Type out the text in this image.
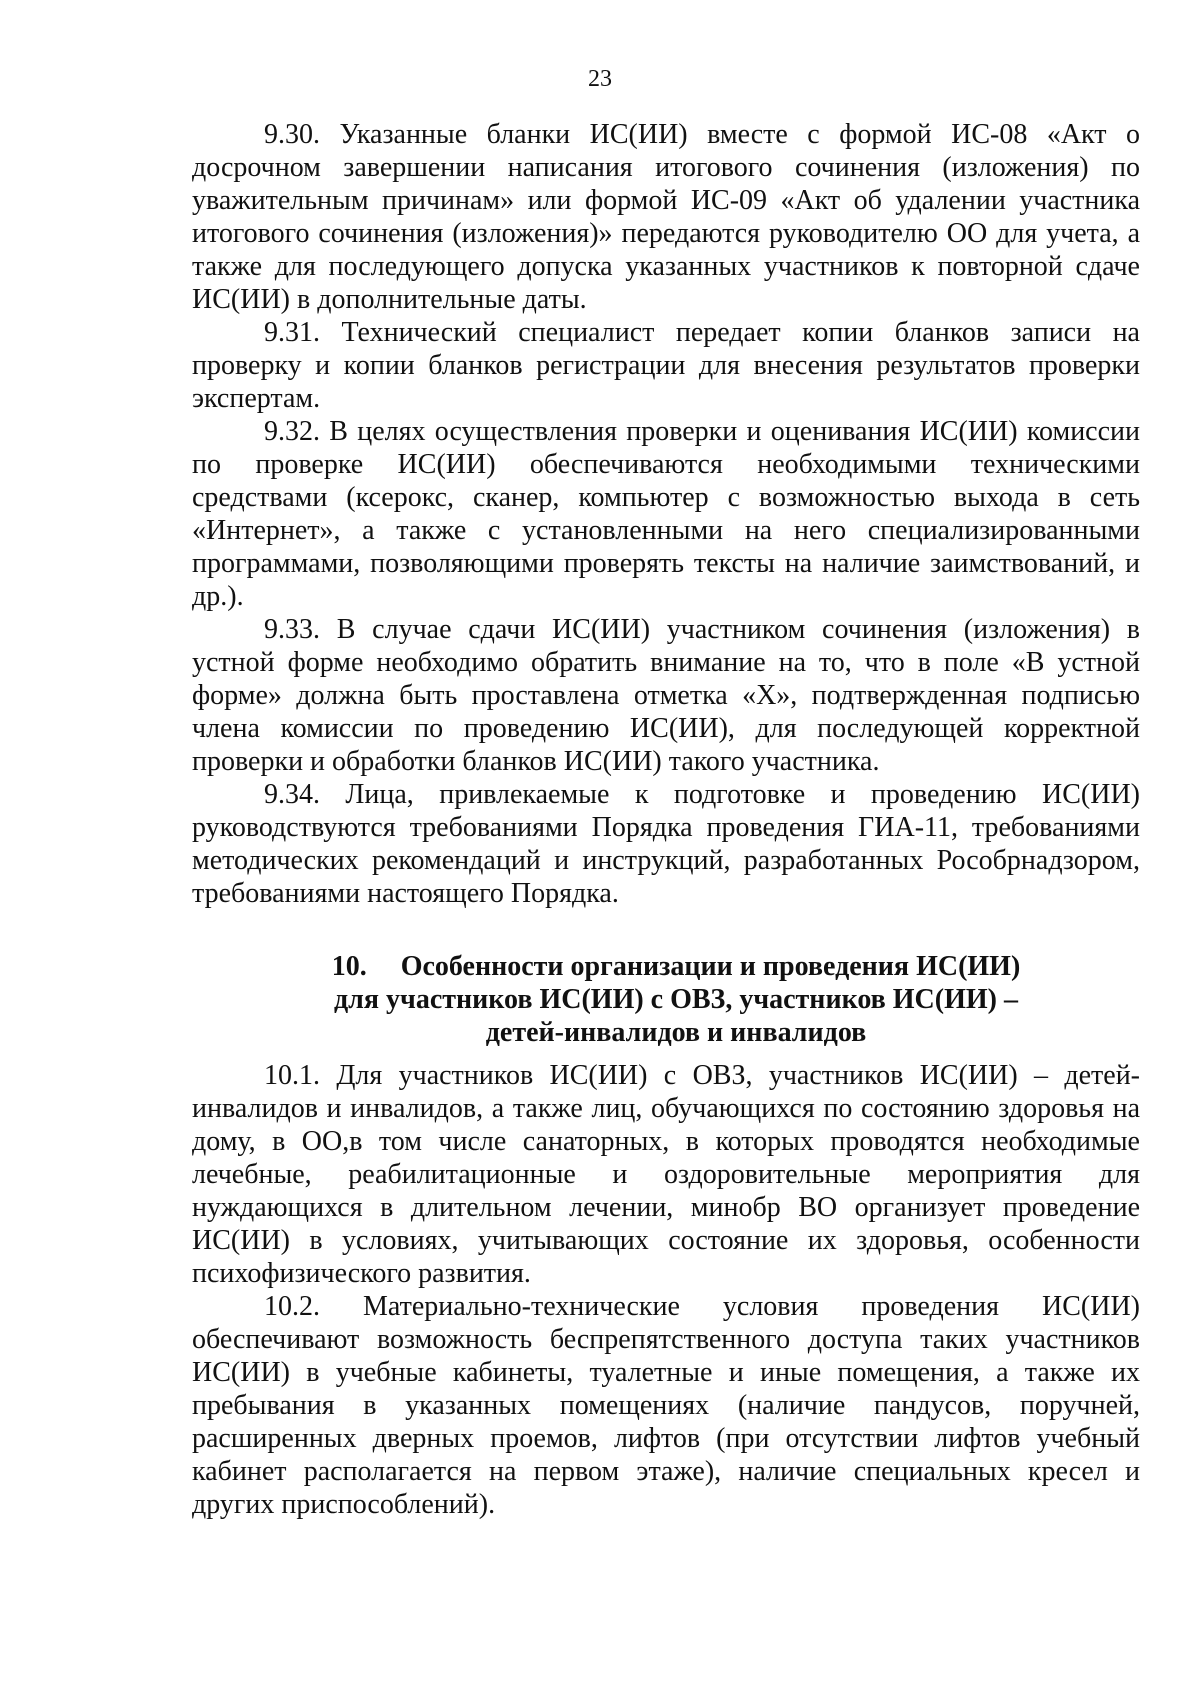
23

9.30. Указанные бланки ИС(ИИ) вместе с формой ИС-08 «Акт о досрочном завершении написания итогового сочинения (изложения) по уважительным причинам» или формой ИС-09 «Акт об удалении участника итогового сочинения (изложения)» передаются руководителю ОО для учета, а также для последующего допуска указанных участников к повторной сдаче ИС(ИИ) в дополнительные даты.

9.31. Технический специалист передает копии бланков записи на проверку и копии бланков регистрации для внесения результатов проверки экспертам.

9.32. В целях осуществления проверки и оценивания ИС(ИИ) комиссии по проверке ИС(ИИ) обеспечиваются необходимыми техническими средствами (ксерокс, сканер, компьютер с возможностью выхода в сеть «Интернет», а также с установленными на него специализированными программами, позволяющими проверять тексты на наличие заимствований, и др.).

9.33. В случае сдачи ИС(ИИ) участником сочинения (изложения) в устной форме необходимо обратить внимание на то, что в поле «В устной форме» должна быть проставлена отметка «X», подтвержденная подписью члена комиссии по проведению ИС(ИИ), для последующей корректной проверки и обработки бланков ИС(ИИ) такого участника.

9.34. Лица, привлекаемые к подготовке и проведению ИС(ИИ) руководствуются требованиями Порядка проведения ГИА-11, требованиями методических рекомендаций и инструкций, разработанных Рособрнадзором, требованиями настоящего Порядка.

10. Особенности организации и проведения ИС(ИИ)
для участников ИС(ИИ) с ОВЗ, участников ИС(ИИ) –
детей-инвалидов и инвалидов

10.1. Для участников ИС(ИИ) с ОВЗ, участников ИС(ИИ) – детей-инвалидов и инвалидов, а также лиц, обучающихся по состоянию здоровья на дому, в ОО,в том числе санаторных, в которых проводятся необходимые лечебные, реабилитационные и оздоровительные мероприятия для нуждающихся в длительном лечении, минобр ВО организует проведение ИС(ИИ) в условиях, учитывающих состояние их здоровья, особенности психофизического развития.

10.2. Материально-технические условия проведения ИС(ИИ) обеспечивают возможность беспрепятственного доступа таких участников ИС(ИИ) в учебные кабинеты, туалетные и иные помещения, а также их пребывания в указанных помещениях (наличие пандусов, поручней, расширенных дверных проемов, лифтов (при отсутствии лифтов учебный кабинет располагается на первом этаже), наличие специальных кресел и других приспособлений).
